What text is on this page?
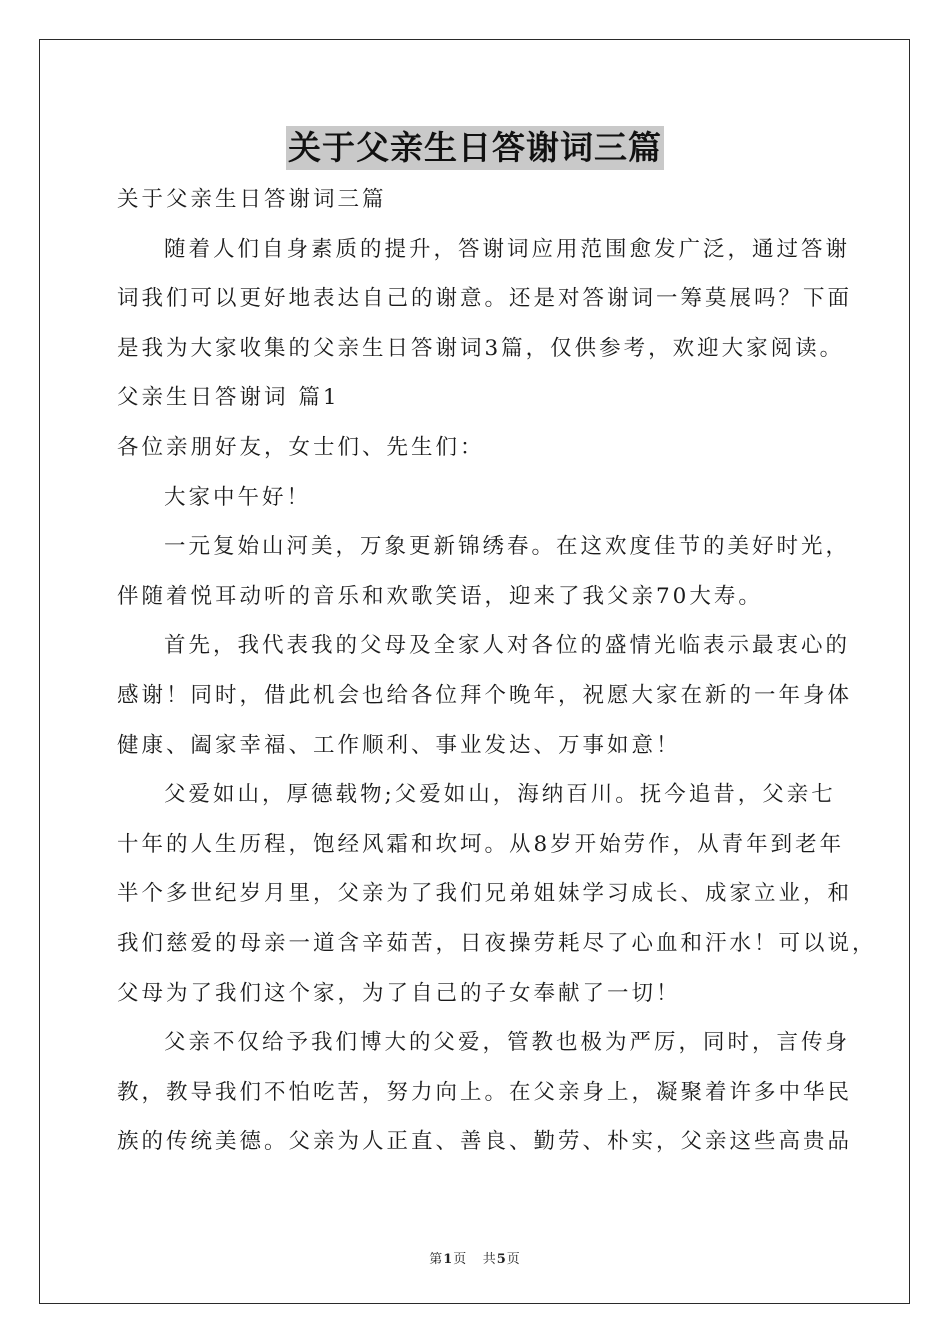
关于父亲生日答谢词三篇
关于父亲生日答谢词三篇
随着人们自身素质的提升，答谢词应用范围愈发广泛，通过答谢
词我们可以更好地表达自己的谢意。还是对答谢词一筹莫展吗？下面
是我为大家收集的父亲生日答谢词3篇，仅供参考，欢迎大家阅读。
父亲生日答谢词 篇1
各位亲朋好友，女士们、先生们：
大家中午好！
一元复始山河美，万象更新锦绣春。在这欢度佳节的美好时光，
伴随着悦耳动听的音乐和欢歌笑语，迎来了我父亲70大寿。
首先，我代表我的父母及全家人对各位的盛情光临表示最衷心的
感谢！同时，借此机会也给各位拜个晚年，祝愿大家在新的一年身体
健康、阖家幸福、工作顺利、事业发达、万事如意！
父爱如山，厚德载物;父爱如山，海纳百川。抚今追昔，父亲七
十年的人生历程，饱经风霜和坎坷。从8岁开始劳作，从青年到老年
半个多世纪岁月里，父亲为了我们兄弟姐妹学习成长、成家立业，和
我们慈爱的母亲一道含辛茹苦，日夜操劳耗尽了心血和汗水！可以说，
父母为了我们这个家，为了自己的子女奉献了一切！
父亲不仅给予我们博大的父爱，管教也极为严厉，同时，言传身
教，教导我们不怕吃苦，努力向上。在父亲身上，凝聚着许多中华民
族的传统美德。父亲为人正直、善良、勤劳、朴实，父亲这些高贵品
第1页 共5页
